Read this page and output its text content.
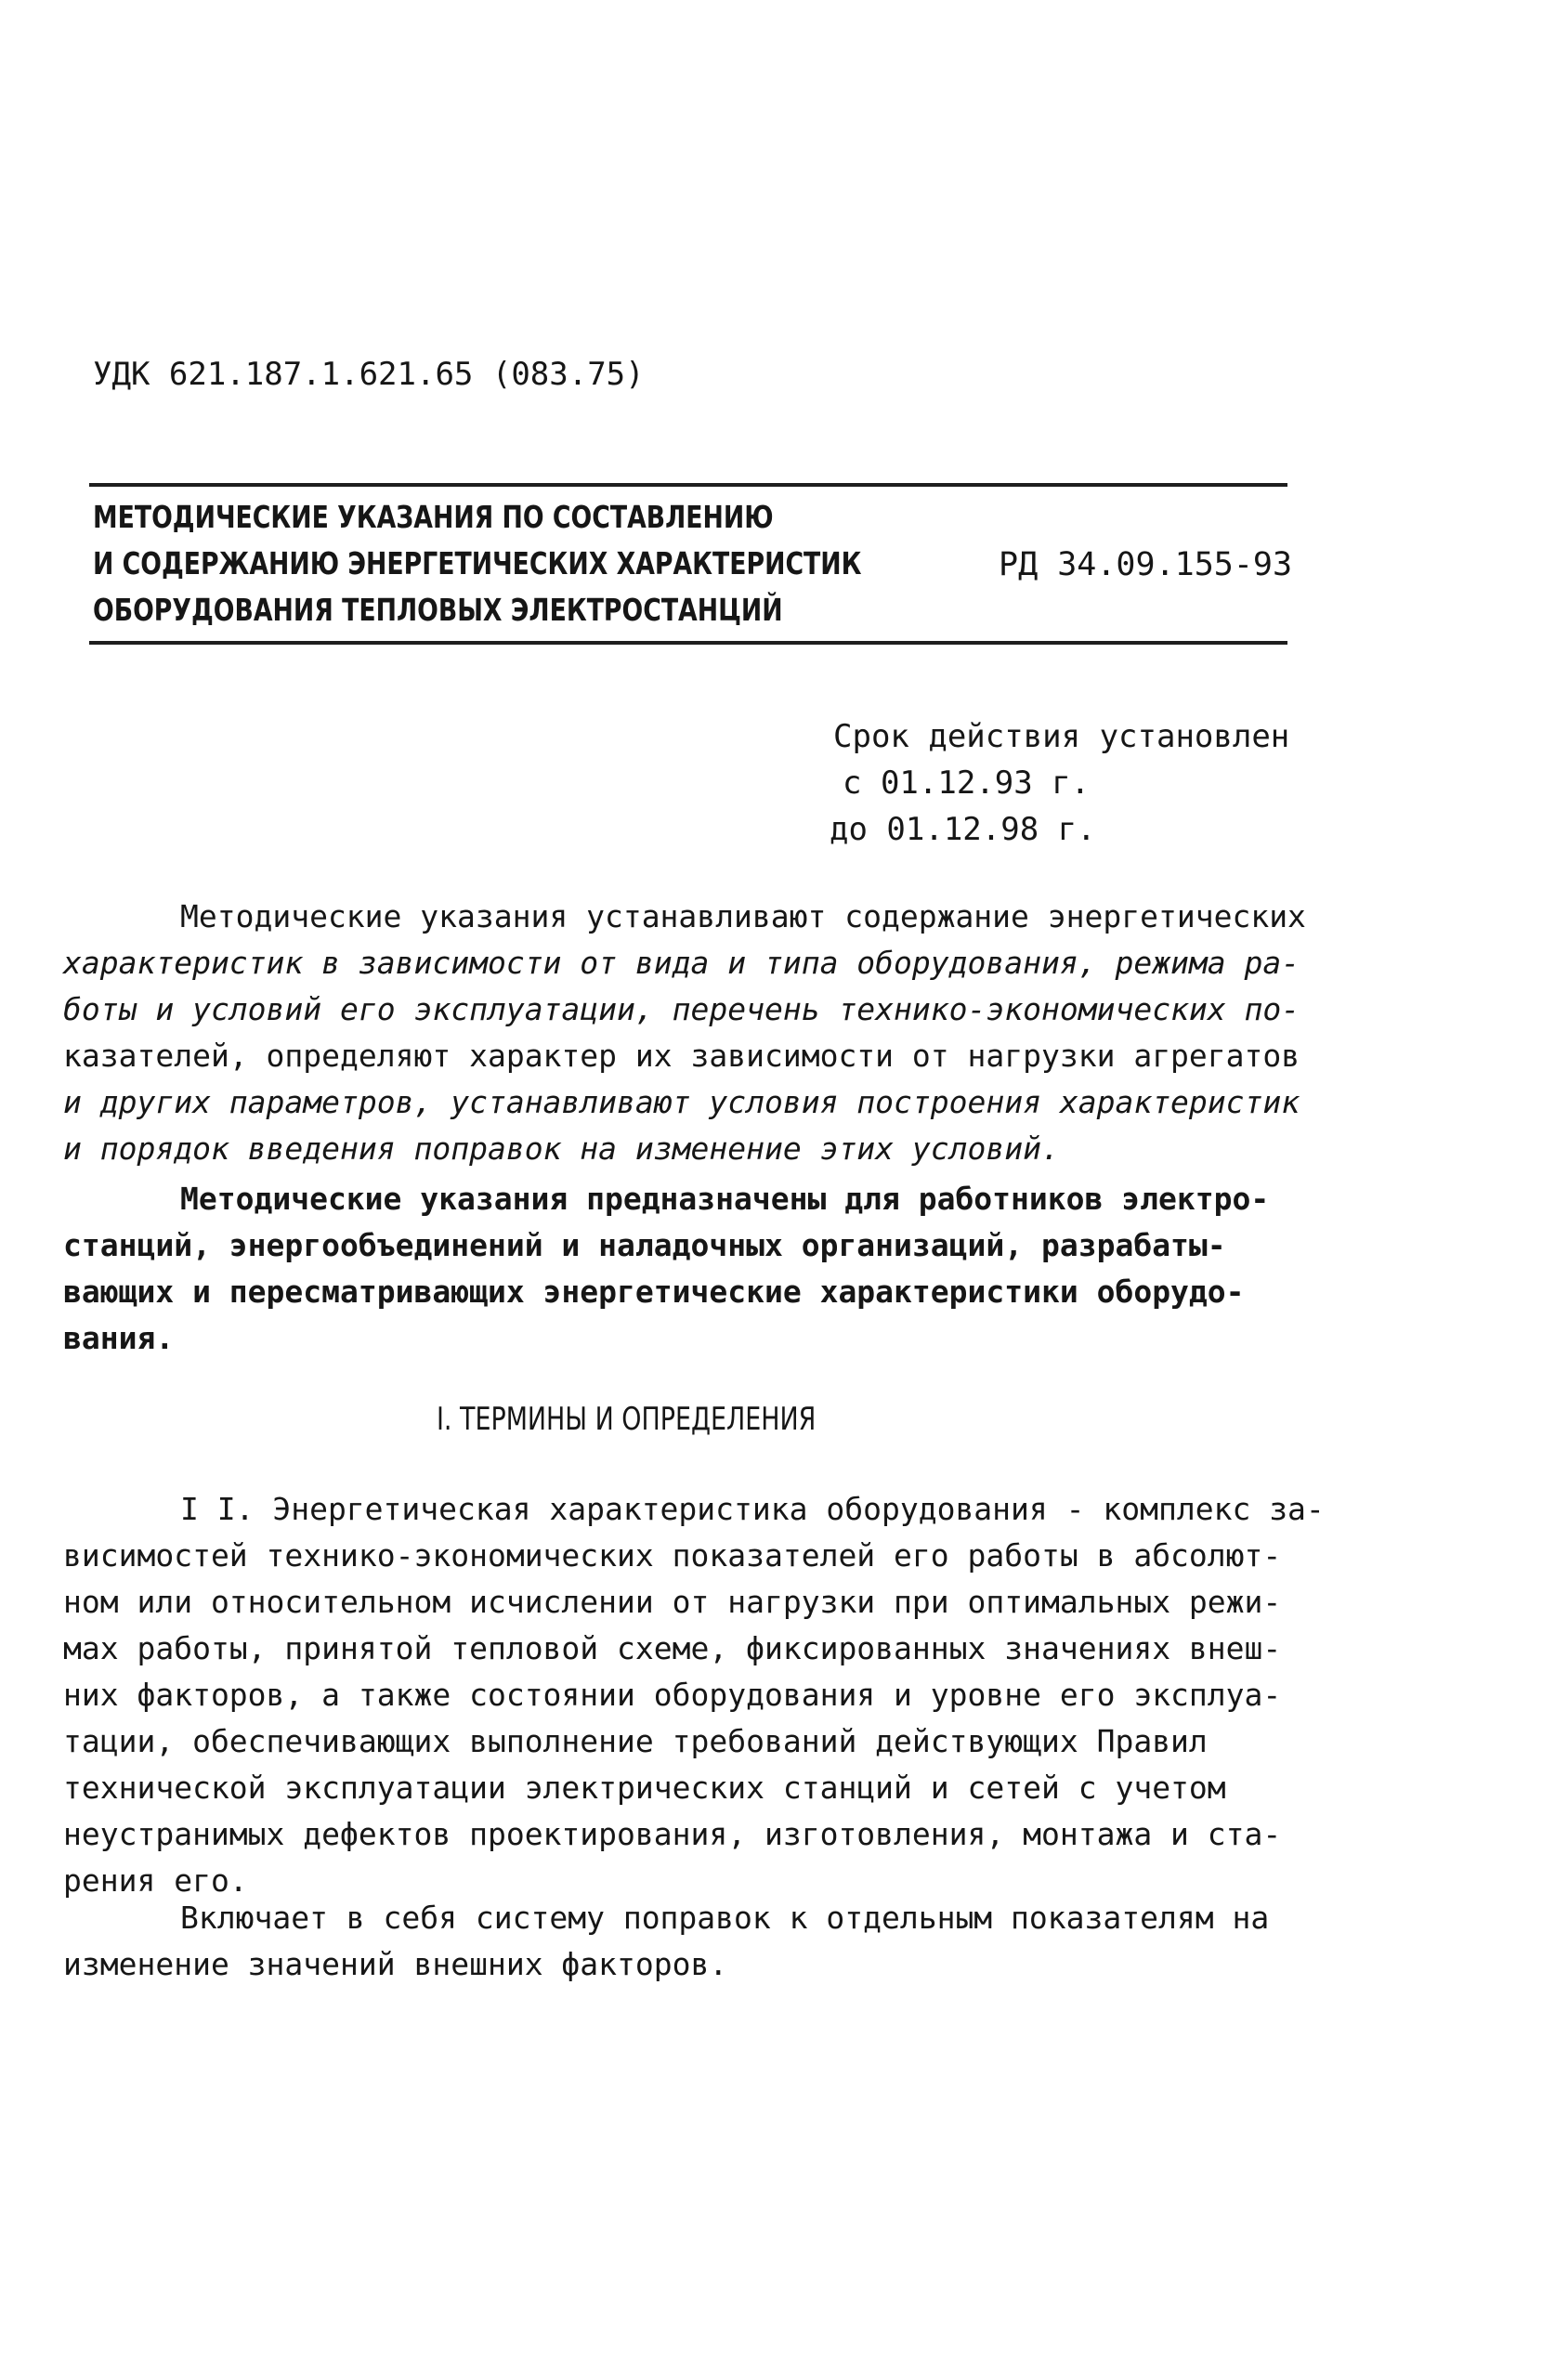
УДК 621.187.1.621.65 (083.75)
МЕТОДИЧЕСКИЕ УКАЗАНИЯ ПО СОСТАВЛЕНИЮ
И СОДЕРЖАНИЮ ЭНЕРГЕТИЧЕСКИХ ХАРАКТЕРИСТИК
ОБОРУДОВАНИЯ ТЕПЛОВЫХ ЭЛЕКТРОСТАНЦИЙ
РД 34.09.155-93
Срок действия установлен
с 01.12.93 г.
до 01.12.98 г.
Методические указания устанавливают содержание энергетических
характеристик в зависимости от вида и типа оборудования, режима ра-
боты и условий его эксплуатации, перечень технико-экономических по-
казателей, определяют характер их зависимости от нагрузки агрегатов
и других параметров, устанавливают условия построения характеристик
и порядок введения поправок на изменение этих условий.
Методические указания предназначены для работников электро-
станций, энергообъединений и наладочных организаций, разрабаты-
вающих и пересматривающих энергетические характеристики оборудо-
вания.
I. ТЕРМИНЫ И ОПРЕДЕЛЕНИЯ
I I. Энергетическая характеристика оборудования - комплекс за-
висимостей технико-экономических показателей его работы в абсолют-
ном или относительном исчислении от нагрузки при оптимальных режи-
мах работы, принятой тепловой схеме, фиксированных значениях внеш-
них факторов, а также состоянии оборудования и уровне его эксплуа-
тации, обеспечивающих выполнение требований действующих Правил
технической эксплуатации электрических станций и сетей с учетом
неустранимых дефектов проектирования, изготовления, монтажа и ста-
рения его.
Включает в себя систему поправок к отдельным показателям на
изменение значений внешних факторов.
